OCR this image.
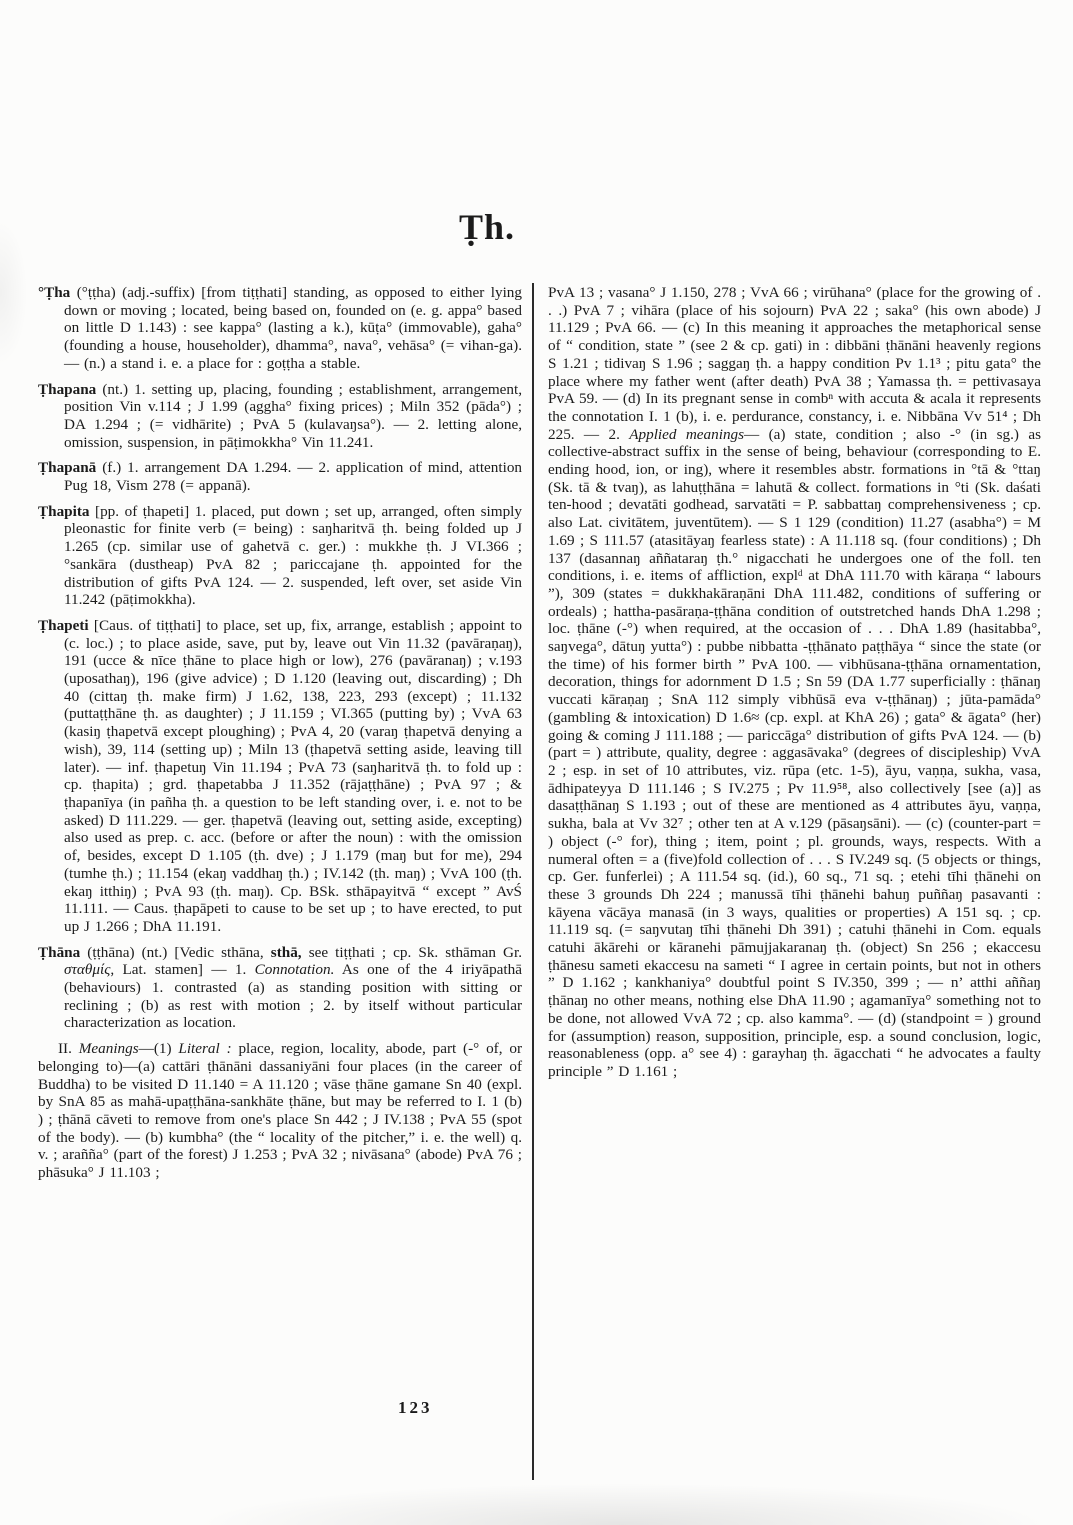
Ṭh.

°Ṭha (°ṭṭha) (adj.-suffix) [from tiṭṭhati] standing, as opposed to either lying down or moving ; located, being based on, founded on (e. g. appa° based on little D 1.143) : see kappa° (lasting a k.), kūṭa° (immovable), gaha° (founding a house, householder), dhamma°, nava°, vehāsa° (= vihan-ga). — (n.) a stand i. e. a place for : goṭṭha a stable.

Ṭhapana (nt.) 1. setting up, placing, founding ; establishment, arrangement, position Vin v.114 ; J 1.99 (aggha° fixing prices) ; Miln 352 (pāda°) ; DA 1.294 ; (= vidhārite) ; PvA 5 (kulavaŋsa°). — 2. letting alone, omission, suspension, in pāṭimokkha° Vin 11.241.

Ṭhapanā (f.) 1. arrangement DA 1.294. — 2. application of mind, attention Pug 18, Vism 278 (= appanā).

Ṭhapita [pp. of ṭhapeti] 1. placed, put down ; set up, arranged, often simply pleonastic for finite verb (= being) : saŋharitvā ṭh. being folded up J 1.265 (cp. similar use of gahetvā c. ger.) : mukkhe ṭh. J VI.366 ; °sankāra (dustheap) PvA 82 ; pariccajane ṭh. appointed for the distribution of gifts PvA 124. — 2. suspended, left over, set aside Vin 11.242 (pāṭimokkha).

Ṭhapeti [Caus. of tiṭṭhati] to place, set up, fix, arrange, establish ; appoint to (c. loc.) ; to place aside, save, put by, leave out Vin 11.32 (pavāraṇaŋ), 191 (ucce & nīce ṭhāne to place high or low), 276 (pavāranaŋ) ; v.193 (uposathaŋ), 196 (give advice) ; D 1.120 (leaving out, discarding) ; Dh 40 (cittaŋ ṭh. make firm) J 1.62, 138, 223, 293 (except) ; 11.132 (puttaṭṭhāne ṭh. as daughter) ; J 11.159 ; VI.365 (putting by) ; VvA 63 (kasiŋ ṭhapetvā except ploughing) ; PvA 4, 20 (varaŋ ṭhapetvā denying a wish), 39, 114 (setting up) ; Miln 13 (ṭhapetvā setting aside, leaving till later). — inf. ṭhapetuŋ Vin 11.194 ; PvA 73 (saŋharitvā ṭh. to fold up : cp. ṭhapita) ; grd. ṭhapetabba J 11.352 (rājaṭṭhāne) ; PvA 97 ; & ṭhapanīya (in pañha ṭh. a question to be left standing over, i. e. not to be asked) D 111.229. — ger. ṭhapetvā (leaving out, setting aside, excepting) also used as prep. c. acc. (before or after the noun) : with the omission of, besides, except D 1.105 (ṭh. dve) ; J 1.179 (maŋ but for me), 294 (tumhe ṭh.) ; 11.154 (ekaŋ vaddhaŋ ṭh.) ; IV.142 (ṭh. maŋ) ; VvA 100 (ṭh. ekaŋ itthiŋ) ; PvA 93 (ṭh. maŋ). Cp. BSk. sthāpayitvā “ except ” AvŚ 11.111. — Caus. ṭhapāpeti to cause to be set up ; to have erected, to put up J 1.266 ; DhA 11.191.

Ṭhāna (ṭṭhāna) (nt.) [Vedic sthāna, sthā, see tiṭṭhati ; cp. Sk. sthāman Gr. σταθμίς, Lat. stamen] — 1. Connotation. As one of the 4 iriyāpathā (behaviours) 1. contrasted (a) as standing position with sitting or reclining ; (b) as rest with motion ; 2. by itself without particular characterization as location.

II. Meanings—(1) Literal : place, region, locality, abode, part (-° of, or belonging to)—(a) cattāri ṭhānāni dassaniyāni four places (in the career of Buddha) to be visited D 11.140 = A 11.120 ; vāse ṭhāne gamane Sn 40 (expl. by SnA 85 as mahā-upaṭṭhāna-sankhāte ṭhāne, but may be referred to I. 1 (b) ) ; ṭhānā cāveti to remove from one's place Sn 442 ; J IV.138 ; PvA 55 (spot of the body). — (b) kumbha° (the “ locality of the pitcher,” i. e. the well) q. v. ; arañña° (part of the forest) J 1.253 ; PvA 32 ; nivāsana° (abode) PvA 76 ; phāsuka° J 11.103 ;

PvA 13 ; vasana° J 1.150, 278 ; VvA 66 ; virūhana° (place for the growing of . . .) PvA 7 ; vihāra (place of his sojourn) PvA 22 ; saka° (his own abode) J 11.129 ; PvA 66. — (c) In this meaning it approaches the metaphorical sense of “ condition, state ” (see 2 & cp. gati) in : dibbāni ṭhānāni heavenly regions S 1.21 ; tidivaŋ S 1.96 ; saggaŋ ṭh. a happy condition Pv 1.1³ ; pitu gata° the place where my father went (after death) PvA 38 ; Yamassa ṭh. = pettivasaya PvA 59. — (d) In its pregnant sense in combⁿ with accuta & acala it represents the connotation I. 1 (b), i. e. perdurance, constancy, i. e. Nibbāna Vv 51⁴ ; Dh 225. — 2. Applied meanings— (a) state, condition ; also -° (in sg.) as collective-abstract suffix in the sense of being, behaviour (corresponding to E. ending hood, ion, or ing), where it resembles abstr. formations in °tā & °ttaŋ (Sk. tā & tvaŋ), as lahuṭṭhāna = lahutā & collect. formations in °ti (Sk. daśati ten-hood ; devatāti godhead, sarvatāti = P. sabbattaŋ comprehensiveness ; cp. also Lat. civitātem, juventūtem). — S 1 129 (condition) 11.27 (asabha°) = M 1.69 ; S 111.57 (atasitāyaŋ fearless state) : A 11.118 sq. (four conditions) ; Dh 137 (dasannaŋ aññataraŋ ṭh.° nigacchati he undergoes one of the foll. ten conditions, i. e. items of affliction, explᵈ at DhA 111.70 with kāraṇa “ labours ”), 309 (states = dukkhakāraṇāni DhA 111.482, conditions of suffering or ordeals) ; hattha-pasāraṇa-ṭṭhāna condition of outstretched hands DhA 1.298 ; loc. ṭhāne (-°) when required, at the occasion of . . . DhA 1.89 (hasitabba°, saŋvega°, dātuŋ yutta°) : pubbe nibbatta -ṭṭhānato paṭṭhāya “ since the state (or the time) of his former birth ” PvA 100. — vibhūsana-ṭṭhāna ornamentation, decoration, things for adornment D 1.5 ; Sn 59 (DA 1.77 superficially : ṭhānaŋ vuccati kāraṇaŋ ; SnA 112 simply vibhūsā eva v-ṭṭhānaŋ) ; jūta-pamāda° (gambling & intoxication) D 1.6≈ (cp. expl. at KhA 26) ; gata° & āgata° (her) going & coming J 111.188 ; — pariccāga° distribution of gifts PvA 124. — (b) (part = ) attribute, quality, degree : aggasāvaka° (degrees of discipleship) VvA 2 ; esp. in set of 10 attributes, viz. rūpa (etc. 1-5), āyu, vaṇṇa, sukha, vasa, ādhipateyya D 111.146 ; S IV.275 ; Pv 11.9⁵⁸, also collectively [see (a)] as dasaṭṭhānaŋ S 1.193 ; out of these are mentioned as 4 attributes āyu, vaṇṇa, sukha, bala at Vv 32⁷ ; other ten at A v.129 (pāsaŋsāni). — (c) (counter-part = ) object (-° for), thing ; item, point ; pl. grounds, ways, respects. With a numeral often = a (five)fold collection of . . . S IV.249 sq. (5 objects or things, cp. Ger. funferlei) ; A 111.54 sq. (id.), 60 sq., 71 sq. ; etehi tīhi ṭhānehi on these 3 grounds Dh 224 ; manussā tīhi ṭhānehi bahuŋ puññaŋ pasavanti : kāyena vācāya manasā (in 3 ways, qualities or properties) A 151 sq. ; cp. 11.119 sq. (= saŋvutaŋ tīhi ṭhānehi Dh 391) ; catuhi ṭhānehi in Com. equals catuhi ākārehi or kāranehi pāmujjakaranaŋ ṭh. (object) Sn 256 ; ekaccesu ṭhānesu sameti ekaccesu na sameti “ I agree in certain points, but not in others ” D 1.162 ; kankhaniya° doubtful point S IV.350, 399 ; — n’ atthi aññaŋ ṭhānaŋ no other means, nothing else DhA 11.90 ; agamanīya° something not to be done, not allowed VvA 72 ; cp. also kamma°. — (d) (standpoint = ) ground for (assumption) reason, supposition, principle, esp. a sound conclusion, logic, reasonableness (opp. a° see 4) : garayhaŋ ṭh. āgacchati “ he advocates a faulty principle ” D 1.161 ;

123
